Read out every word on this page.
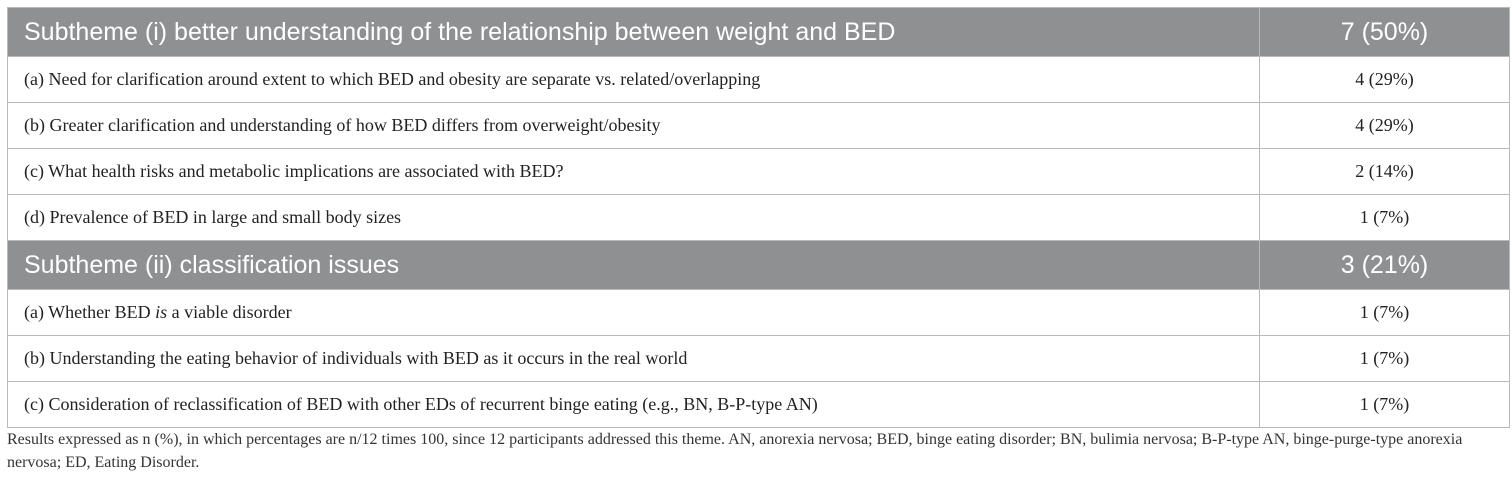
Subtheme (i) better understanding of the relationship between weight and BED	7 (50%)
(a) Need for clarification around extent to which BED and obesity are separate vs. related/overlapping	4 (29%)
(b) Greater clarification and understanding of how BED differs from overweight/obesity	4 (29%)
(c) What health risks and metabolic implications are associated with BED?	2 (14%)
(d) Prevalence of BED in large and small body sizes	1 (7%)
Subtheme (ii) classification issues	3 (21%)
(a) Whether BED is a viable disorder	1 (7%)
(b) Understanding the eating behavior of individuals with BED as it occurs in the real world	1 (7%)
(c) Consideration of reclassification of BED with other EDs of recurrent binge eating (e.g., BN, B-P-type AN)	1 (7%)
Results expressed as n (%), in which percentages are n/12 times 100, since 12 participants addressed this theme. AN, anorexia nervosa; BED, binge eating disorder; BN, bulimia nervosa; B-P-type AN, binge-purge-type anorexia nervosa; ED, Eating Disorder.
